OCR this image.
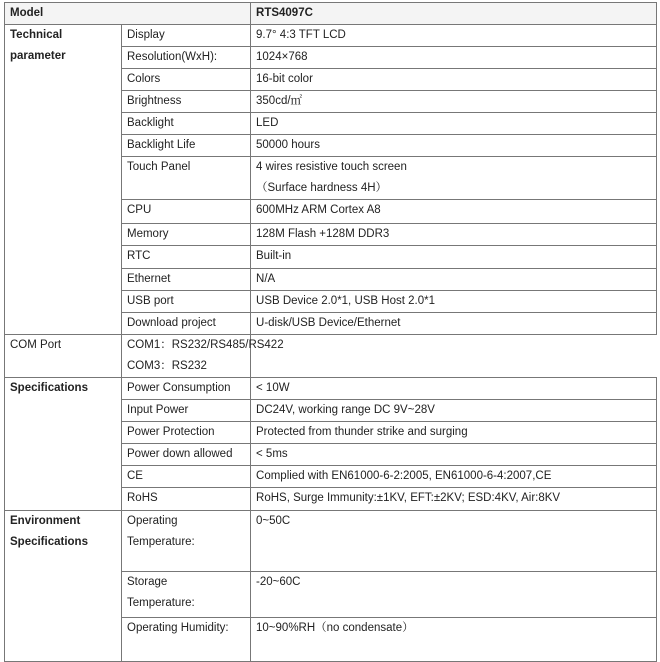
Model		RTS4097C

Technical
parameter	Display	9.7° 4:3 TFT LCD
	Resolution(WxH):	1024×768
	Colors	16-bit color
	Brightness	350cd/㎡
	Backlight	LED
	Backlight Life	50000 hours
	Touch Panel	4 wires resistive touch screen
（Surface hardness 4H）

	CPU	600MHz ARM Cortex A8
	Memory	128M Flash +128M DDR3
	RTC	Built-in
	Ethernet	N/A
	USB port	USB Device 2.0*1, USB Host 2.0*1
	Download project	U-disk/USB Device/Ethernet
COM Port	COM1：RS232/RS485/RS422
COM3：RS232	

Specifications	Power Consumption	< 10W
	Input Power	DC24V, working range DC 9V~28V
	Power Protection	Protected from thunder strike and surging
	Power down allowed	< 5ms
	CE	Complied with EN61000-6-2:2005, EN61000-6-4:2007,CE
	RoHS	RoHS, Surge Immunity:±1KV, EFT:±2KV; ESD:4KV, Air:8KV

Environment
Specifications	Operating
Temperature:	0~50C

	Storage
Temperature:	-20~60C
	Operating Humidity:	10~90%RH（no condensate）
